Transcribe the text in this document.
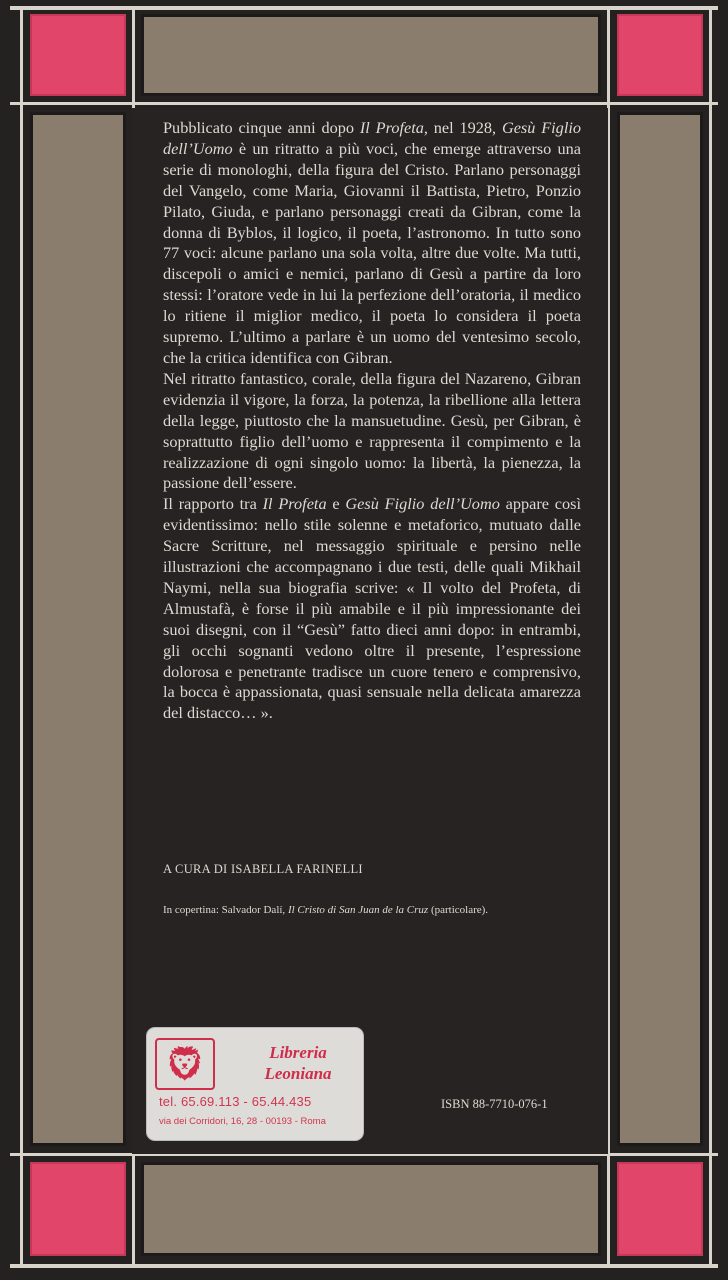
Pubblicato cinque anni dopo Il Profeta, nel 1928, Gesù Figlio dell’Uomo è un ritratto a più voci, che emerge attraverso una serie di monologhi, della figura del Cristo. Parlano personaggi del Vangelo, come Maria, Giovanni il Battista, Pietro, Ponzio Pilato, Giuda, e parlano personaggi creati da Gibran, come la donna di Byblos, il logico, il poeta, l’astronomo. In tutto sono 77 voci: alcune parlano una sola volta, altre due volte. Ma tutti, discepoli o amici e nemici, parlano di Gesù a partire da loro stessi: l’oratore vede in lui la perfezione dell’oratoria, il medico lo ritiene il miglior medico, il poeta lo considera il poeta supremo. L’ultimo a parlare è un uomo del ventesimo secolo, che la critica identifica con Gibran.

Nel ritratto fantastico, corale, della figura del Nazareno, Gibran evidenzia il vigore, la forza, la potenza, la ribellione alla lettera della legge, piuttosto che la mansuetudine. Gesù, per Gibran, è soprattutto figlio dell’uomo e rappresenta il compimento e la realizzazione di ogni singolo uomo: la libertà, la pienezza, la passione dell’essere.

Il rapporto tra Il Profeta e Gesù Figlio dell’Uomo appare così evidentissimo: nello stile solenne e metaforico, mutuato dalle Sacre Scritture, nel messaggio spirituale e persino nelle illustrazioni che accompagnano i due testi, delle quali Mikhail Naymi, nella sua biografia scrive: « Il volto del Profeta, di Almustafà, è forse il più amabile e il più impressionante dei suoi disegni, con il “Gesù” fatto dieci anni dopo: in entrambi, gli occhi sognanti vedono oltre il presente, l’espressione dolorosa e penetrante tradisce un cuore tenero e comprensivo, la bocca è appassionata, quasi sensuale nella delicata amarezza del distacco… ».

A CURA DI ISABELLA FARINELLI
In copertina: Salvador Dalí, Il Cristo di San Juan de la Cruz (particolare).
🦁︎	Libreria
Leoniana
tel. 65.69.113 - 65.44.435
via dei Corridori, 16, 28 - 00193 - Roma
ISBN 88-7710-076-1
